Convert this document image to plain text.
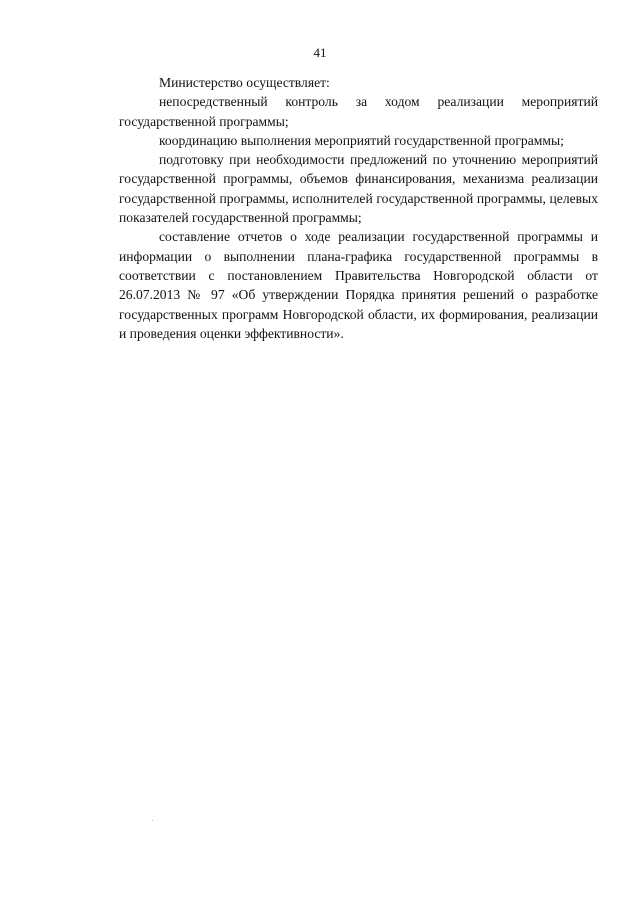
41

Министерство осуществляет:

непосредственный контроль за ходом реализации мероприятий государственной программы;

координацию выполнения мероприятий государственной программы;

подготовку при необходимости предложений по уточнению мероприятий государственной программы, объемов финансирования, механизма реализации государственной программы, исполнителей государственной программы, целевых показателей государственной программы;

составление отчетов о ходе реализации государственной программы и информации о выполнении плана-графика государственной программы в соответствии с постановлением Правительства Новгородской области от 26.07.2013 № 97 «Об утверждении Порядка принятия решений о разработке государственных программ Новгородской области, их формирования, реализации и проведения оценки эффективности».
